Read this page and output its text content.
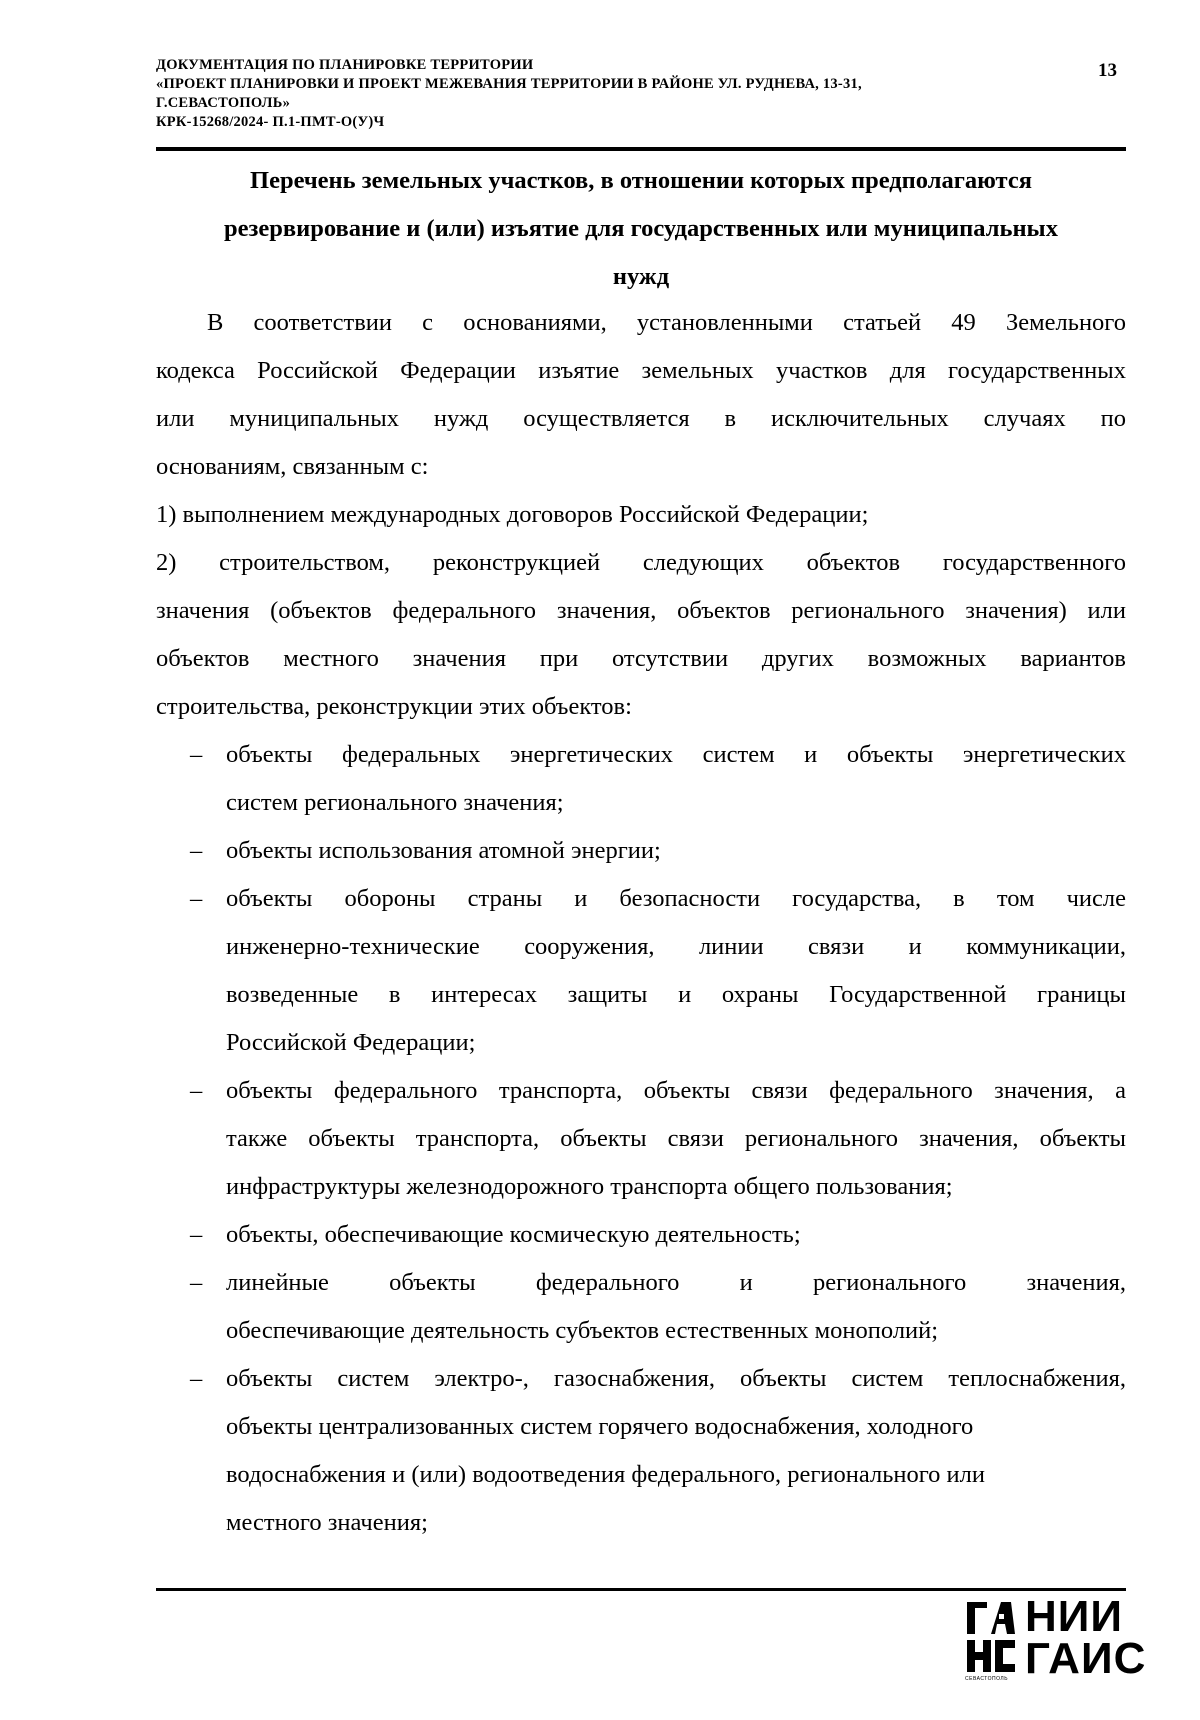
ДОКУМЕНТАЦИЯ ПО ПЛАНИРОВКЕ ТЕРРИТОРИИ
«ПРОЕКТ ПЛАНИРОВКИ И ПРОЕКТ МЕЖЕВАНИЯ ТЕРРИТОРИИ В РАЙОНЕ УЛ. РУДНЕВА, 13-31,
Г.СЕВАСТОПОЛЬ»
КРК-15268/2024- П.1-ПМТ-О(У)Ч
13
Перечень земельных участков, в отношении которых предполагаются
резервирование и (или) изъятие для государственных или муниципальных
нужд
В соответствии с основаниями, установленными статьей 49 Земельного
кодекса Российской Федерации изъятие земельных участков для государственных
или муниципальных нужд осуществляется в исключительных случаях по
основаниям, связанным с:
1) выполнением международных договоров Российской Федерации;
2) строительством, реконструкцией следующих объектов государственного
значения (объектов федерального значения, объектов регионального значения) или
объектов местного значения при отсутствии других возможных вариантов
строительства, реконструкции этих объектов:
– объекты федеральных энергетических систем и объекты энергетических
систем регионального значения;
– объекты использования атомной энергии;
– объекты обороны страны и безопасности государства, в том числе
инженерно-технические сооружения, линии связи и коммуникации,
возведенные в интересах защиты и охраны Государственной границы
Российской Федерации;
– объекты федерального транспорта, объекты связи федерального значения, а
также объекты транспорта, объекты связи регионального значения, объекты
инфраструктуры железнодорожного транспорта общего пользования;
– объекты, обеспечивающие космическую деятельность;
– линейные объекты федерального и регионального значения,
обеспечивающие деятельность субъектов естественных монополий;
– объекты систем электро-, газоснабжения, объекты систем теплоснабжения,
объекты централизованных систем горячего водоснабжения, холодного
водоснабжения и (или) водоотведения федерального, регионального или
местного значения;
СЕВАСТОПОЛЬ
НИИ
ГАИС
